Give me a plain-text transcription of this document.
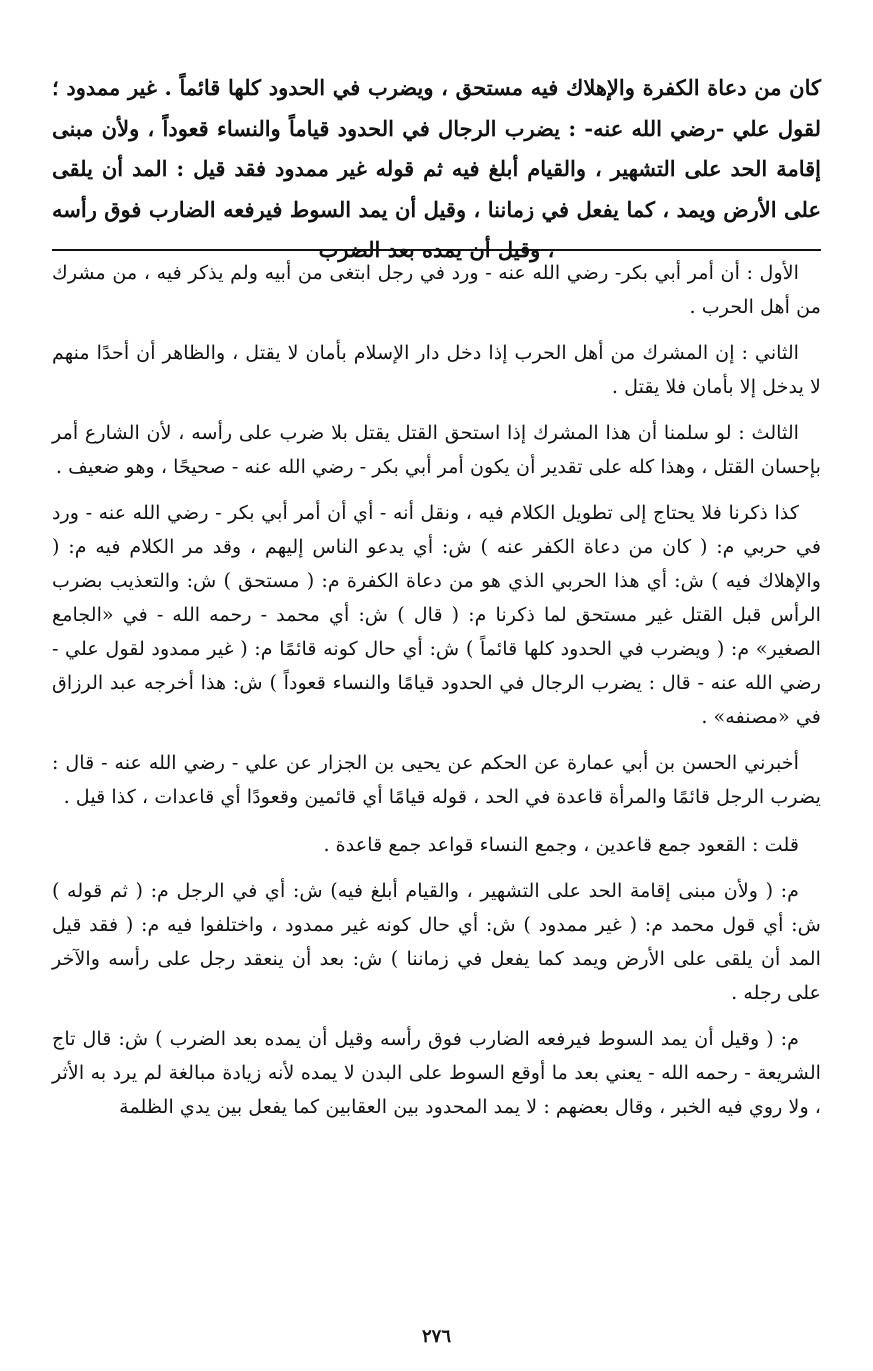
كان من دعاة الكفرة والإهلاك فيه مستحق ، ويضرب في الحدود كلها قائماً . غير ممدود ؛ لقول علي -رضي الله عنه- : يضرب الرجال في الحدود قياماً والنساء قعوداً ، ولأن مبنى إقامة الحد على التشهير ، والقيام أبلغ فيه ثم قوله غير ممدود فقد قيل : المد أن يلقى على الأرض ويمد ، كما يفعل في زماننا ، وقيل أن يمد السوط فيرفعه الضارب فوق رأسه ، وقيل أن يمده بعد الضرب

الأول : أن أمر أبي بكر- رضي الله عنه - ورد في رجل ابتغى من أبيه ولم يذكر فيه ، من مشرك من أهل الحرب .

الثاني : إن المشرك من أهل الحرب إذا دخل دار الإسلام بأمان لا يقتل ، والظاهر أن أحدًا منهم لا يدخل إلا بأمان فلا يقتل .

الثالث : لو سلمنا أن هذا المشرك إذا استحق القتل يقتل بلا ضرب على رأسه ، لأن الشارع أمر بإحسان القتل ، وهذا كله على تقدير أن يكون أمر أبي بكر - رضي الله عنه - صحيحًا ، وهو ضعيف .

كذا ذكرنا فلا يحتاج إلى تطويل الكلام فيه ، ونقل أنه - أي أن أمر أبي بكر - رضي الله عنه - ورد في حربي م: ( كان من دعاة الكفر عنه ) ش: أي يدعو الناس إليهم ، وقد مر الكلام فيه م: ( والإهلاك فيه ) ش: أي هذا الحربي الذي هو من دعاة الكفرة م: ( مستحق ) ش: والتعذيب بضرب الرأس قبل القتل غير مستحق لما ذكرنا م: ( قال ) ش: أي محمد - رحمه الله - في «الجامع الصغير» م: ( ويضرب في الحدود كلها قائماً ) ش: أي حال كونه قائمًا م: ( غير ممدود لقول علي - رضي الله عنه - قال : يضرب الرجال في الحدود قيامًا والنساء قعوداً ) ش: هذا أخرجه عبد الرزاق في «مصنفه» .

أخبرني الحسن بن أبي عمارة عن الحكم عن يحيى بن الجزار عن علي - رضي الله عنه - قال : يضرب الرجل قائمًا والمرأة قاعدة في الحد ، قوله قيامًا أي قائمين وقعودًا أي قاعدات ، كذا قيل .

قلت : القعود جمع قاعدين ، وجمع النساء قواعد جمع قاعدة .

م: ( ولأن مبنى إقامة الحد على التشهير ، والقيام أبلغ فيه) ش: أي في الرجل م: ( ثم قوله ) ش: أي قول محمد م: ( غير ممدود ) ش: أي حال كونه غير ممدود ، واختلفوا فيه م: ( فقد قيل المد أن يلقى على الأرض ويمد كما يفعل في زماننا ) ش: بعد أن ينعقد رجل على رأسه والآخر على رجله .

م: ( وقيل أن يمد السوط فيرفعه الضارب فوق رأسه وقيل أن يمده بعد الضرب ) ش: قال تاج الشريعة - رحمه الله - يعني بعد ما أوقع السوط على البدن لا يمده لأنه زيادة مبالغة لم يرد به الأثر ، ولا روي فيه الخبر ، وقال بعضهم : لا يمد المحدود بين العقابين كما يفعل بين يدي الظلمة

٢٧٦
